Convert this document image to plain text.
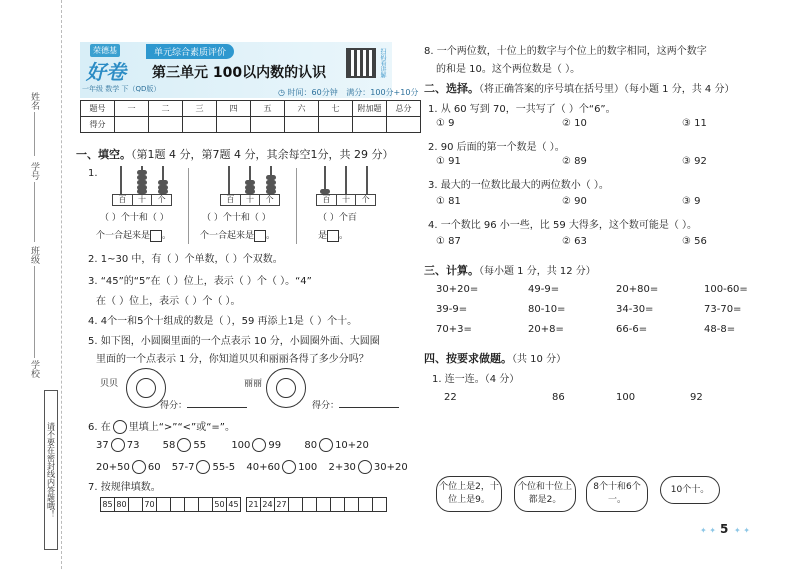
姓名
学号
班级
学校
请不要在密封线内答题哦！
荣德基
好卷
一年级 数学 下（QD版）
单元综合素质评价
第三单元 100以内数的认识	扫码看讲解
◷ 时间：60分钟 满分：100分+10分
题号	一	二	三	四	五	六	七	附加题	总分
得分									
一、填空。（第1题 4 分，第7题 4 分，其余每空1分，共 29 分）
1.
百	十	个	百	十	个	百	十	个
（ ）个十和（ ）
个一合起来是 。
（ ）个十和（ ）
个一合起来是 。
（ ）个百
是 。
2. 1~30 中，有（ ）个单数，（ ）个双数。
3. “45”的“5”在（ ）位上，表示（ ）个（ ）。“4”
在（ ）位上，表示（ ）个（ ）。
4. 4个一和5个十组成的数是（ ），59 再添上1是（ ）个十。
5. 如下图，小圆圈里面的一个点表示 10 分，小圆圈外面、大圆圈
里面的一个点表示 1 分，你知道贝贝和丽丽各得了多少分吗？
贝贝
得分：
丽丽
得分：
6. 在 里填上“>”“<”或“=”。
37 73 58 55	100 99 80 10+20
20+50 60 57-7 55-5 40+60 100 2+30 30+20
7. 按规律填数。
85	80		70					50	45		21	24	27							
8. 一个两位数，十位上的数字与个位上的数字相同，这两个数字
的和是 10。这个两位数是（ ）。
二、选择。（将正确答案的序号填在括号里）（每小题 1 分，共 4 分）
1. 从 60 写到 70，一共写了（ ）个“6”。
① 9	② 10	③ 11
2. 90 后面的第一个数是（ ）。
① 91	② 89	③ 92
3. 最大的一位数比最大的两位数小（ ）。
① 81	② 90	③ 9
4. 一个数比 96 小一些，比 59 大得多，这个数可能是（ ）。
① 87	② 63	③ 56
三、计算。（每小题 1 分，共 12 分）
30+20=	49-9=	20+80=	100-60=
39-9=	80-10=	34-30=	73-70=
70+3=	20+8=	66-6=	48-8=
四、按要求做题。（共 10 分）
1. 连一连。（4 分）
22	86	100	92
个位上是2，十位上是9。
个位和十位上都是2。
8个十和6个一。
10个十。
✦ ✦ 5 ✦ ✦
